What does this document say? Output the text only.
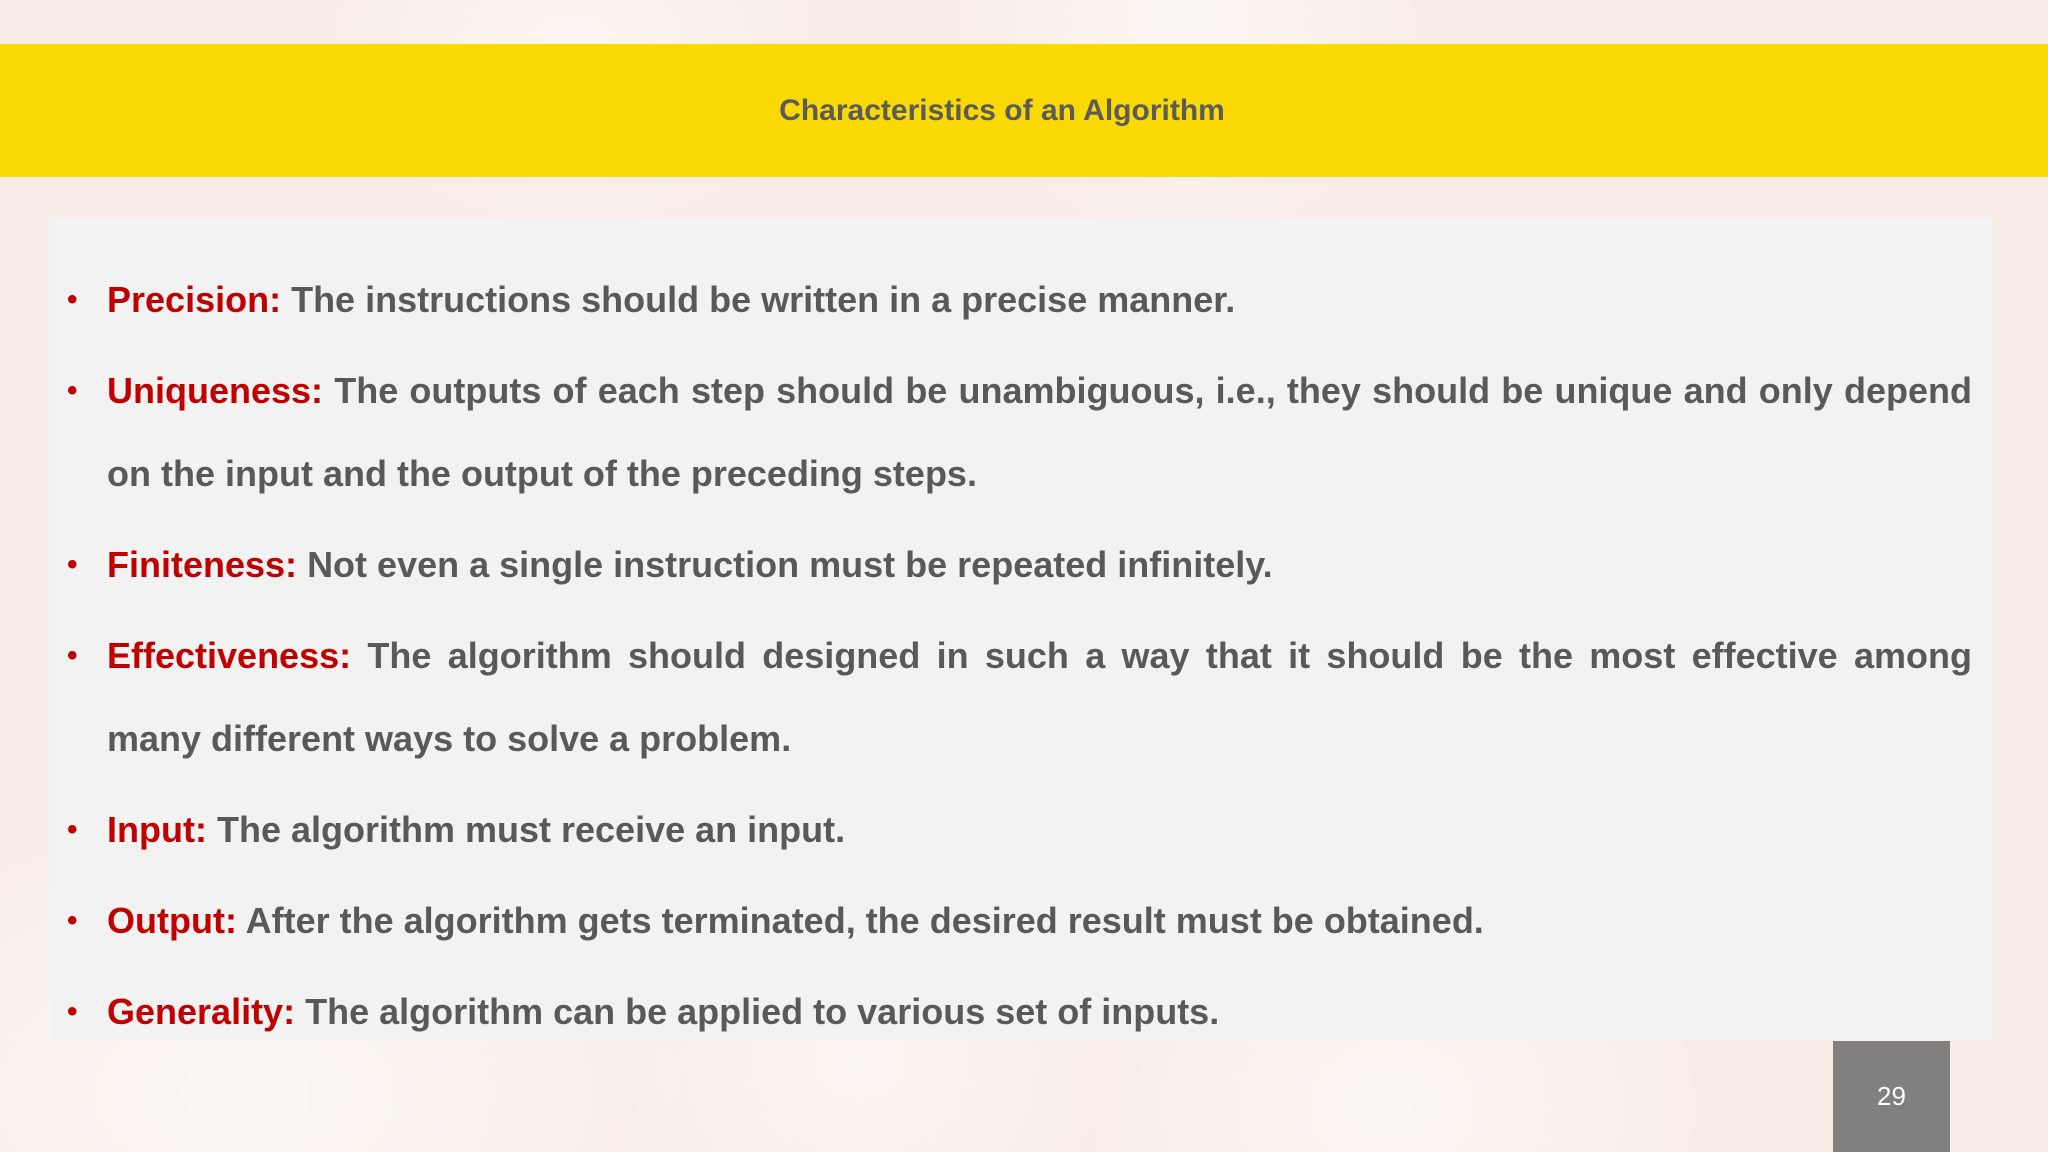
Characteristics of an Algorithm
• Precision: The instructions should be written in a precise manner.
• Uniqueness: The outputs of each step should be unambiguous, i.e., they should be unique and only depend on the input and the output of the preceding steps.
• Finiteness: Not even a single instruction must be repeated infinitely.
• Effectiveness: The algorithm should designed in such a way that it should be the most effective among many different ways to solve a problem.
• Input: The algorithm must receive an input.
• Output: After the algorithm gets terminated, the desired result must be obtained.
• Generality: The algorithm can be applied to various set of inputs.
29
